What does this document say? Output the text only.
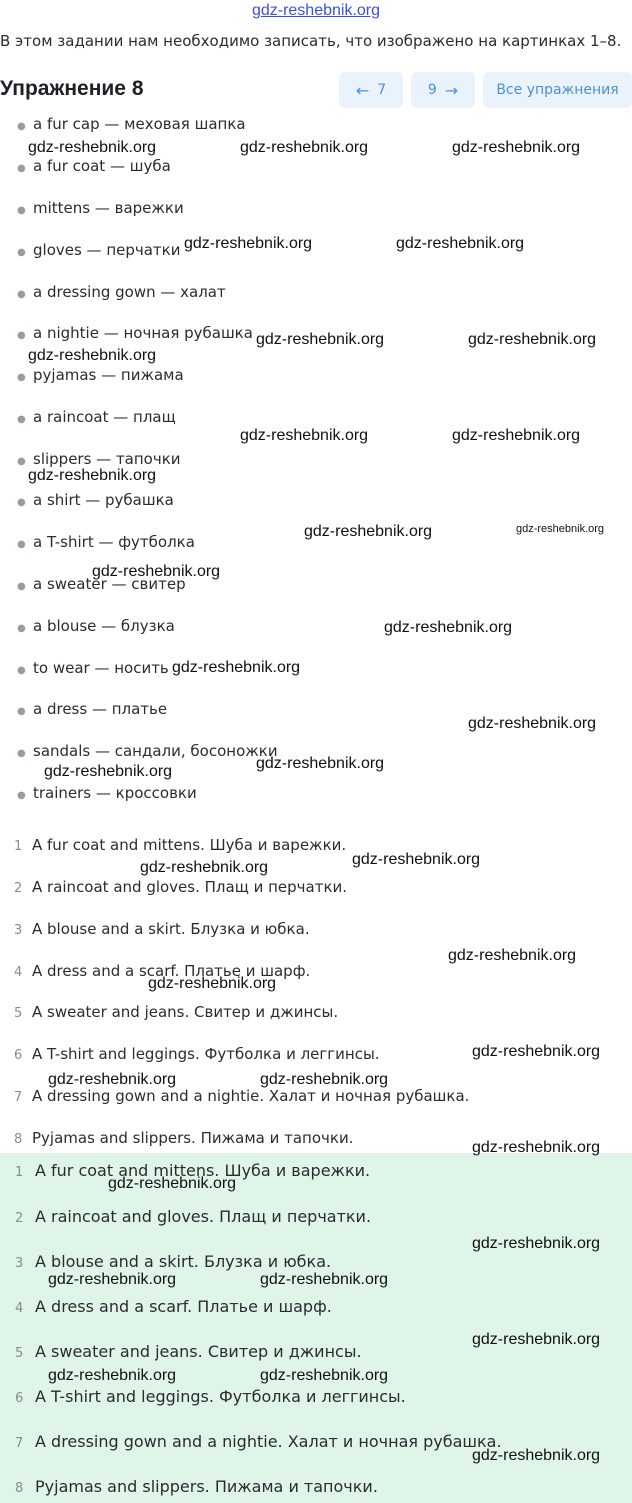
gdz-reshebnik.org
В этом задании нам необходимо записать, что изображено на картинках 1–8.
Упражнение 8	← 7	9 →	Все упражнения
● a fur cap — меховая шапка
● a fur coat — шуба
● mittens — варежки
● gloves — перчатки
● a dressing gown — халат
● a nightie — ночная рубашка
● pyjamas — пижама
● a raincoat — плащ
● slippers — тапочки
● a shirt — рубашка
● a T-shirt — футболка
● a sweater — свитер
● a blouse — блузка
● to wear — носить
● a dress — платье
● sandals — сандали, босоножки
● trainers — кроссовки
1 A fur coat and mittens. Шуба и варежки.
2 A raincoat and gloves. Плащ и перчатки.
3 A blouse and a skirt. Блузка и юбка.
4 A dress and a scarf. Платье и шарф.
5 A sweater and jeans. Свитер и джинсы.
6 A T-shirt and leggings. Футболка и леггинсы.
7 A dressing gown and a nightie. Халат и ночная рубашка.
8 Pyjamas and slippers. Пижама и тапочки.
1 A fur coat and mittens. Шуба и варежки.
2 A raincoat and gloves. Плащ и перчатки.
3 A blouse and a skirt. Блузка и юбка.
4 A dress and a scarf. Платье и шарф.
5 A sweater and jeans. Свитер и джинсы.
6 A T-shirt and leggings. Футболка и леггинсы.
7 A dressing gown and a nightie. Халат и ночная рубашка.
8 Pyjamas and slippers. Пижама и тапочки.
gdz-reshebnik.org	gdz-reshebnik.org	gdz-reshebnik.org
gdz-reshebnik.org	gdz-reshebnik.org
gdz-reshebnik.org	gdz-reshebnik.org
gdz-reshebnik.org
gdz-reshebnik.org	gdz-reshebnik.org
gdz-reshebnik.org
gdz-reshebnik.org	gdz-reshebnik.org
gdz-reshebnik.org
gdz-reshebnik.org
gdz-reshebnik.org
gdz-reshebnik.org
gdz-reshebnik.org
gdz-reshebnik.org
gdz-reshebnik.org
gdz-reshebnik.org
gdz-reshebnik.org
gdz-reshebnik.org
gdz-reshebnik.org
gdz-reshebnik.org	gdz-reshebnik.org
gdz-reshebnik.org
gdz-reshebnik.org
gdz-reshebnik.org
gdz-reshebnik.org	gdz-reshebnik.org
gdz-reshebnik.org
gdz-reshebnik.org	gdz-reshebnik.org
gdz-reshebnik.org
